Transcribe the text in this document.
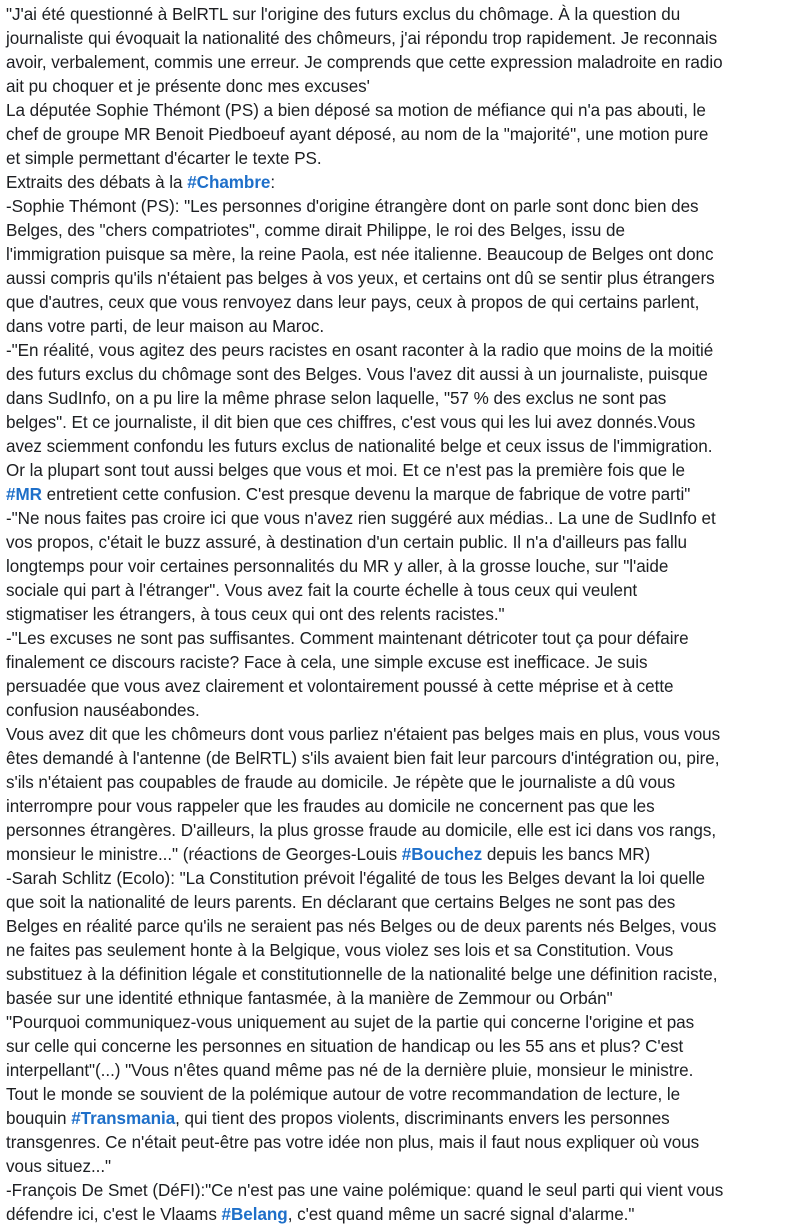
"J'ai été questionné à BelRTL sur l'origine des futurs exclus du chômage. À la question du
journaliste qui évoquait la nationalité des chômeurs, j'ai répondu trop rapidement. Je reconnais
avoir, verbalement, commis une erreur. Je comprends que cette expression maladroite en radio
ait pu choquer et je présente donc mes excuses'
La députée Sophie Thémont (PS) a bien déposé sa motion de méfiance qui n'a pas abouti, le
chef de groupe MR Benoit Piedboeuf ayant déposé, au nom de la "majorité", une motion pure
et simple permettant d'écarter le texte PS.
Extraits des débats à la #Chambre:
-Sophie Thémont (PS): "Les personnes d'origine étrangère dont on parle sont donc bien des
Belges, des "chers compatriotes", comme dirait Philippe, le roi des Belges, issu de
l'immigration puisque sa mère, la reine Paola, est née italienne. Beaucoup de Belges ont donc
aussi compris qu'ils n'étaient pas belges à vos yeux, et certains ont dû se sentir plus étrangers
que d'autres, ceux que vous renvoyez dans leur pays, ceux à propos de qui certains parlent,
dans votre parti, de leur maison au Maroc.
-"En réalité, vous agitez des peurs racistes en osant raconter à la radio que moins de la moitié
des futurs exclus du chômage sont des Belges. Vous l'avez dit aussi à un journaliste, puisque
dans SudInfo, on a pu lire la même phrase selon laquelle, "57 % des exclus ne sont pas
belges". Et ce journaliste, il dit bien que ces chiffres, c'est vous qui les lui avez donnés.Vous
avez sciemment confondu les futurs exclus de nationalité belge et ceux issus de l'immigration.
Or la plupart sont tout aussi belges que vous et moi. Et ce n'est pas la première fois que le
#MR entretient cette confusion. C'est presque devenu la marque de fabrique de votre parti"
-"Ne nous faites pas croire ici que vous n'avez rien suggéré aux médias.. La une de SudInfo et
vos propos, c'était le buzz assuré, à destination d'un certain public. Il n'a d'ailleurs pas fallu
longtemps pour voir certaines personnalités du MR y aller, à la grosse louche, sur "l'aide
sociale qui part à l'étranger". Vous avez fait la courte échelle à tous ceux qui veulent
stigmatiser les étrangers, à tous ceux qui ont des relents racistes."
-"Les excuses ne sont pas suffisantes. Comment maintenant détricoter tout ça pour défaire
finalement ce discours raciste? Face à cela, une simple excuse est inefficace. Je suis
persuadée que vous avez clairement et volontairement poussé à cette méprise et à cette
confusion nauséabondes.
Vous avez dit que les chômeurs dont vous parliez n'étaient pas belges mais en plus, vous vous
êtes demandé à l'antenne (de BelRTL) s'ils avaient bien fait leur parcours d'intégration ou, pire,
s'ils n'étaient pas coupables de fraude au domicile. Je répète que le journaliste a dû vous
interrompre pour vous rappeler que les fraudes au domicile ne concernent pas que les
personnes étrangères. D'ailleurs, la plus grosse fraude au domicile, elle est ici dans vos rangs,
monsieur le ministre..." (réactions de Georges-Louis #Bouchez depuis les bancs MR)
-Sarah Schlitz (Ecolo): "La Constitution prévoit l'égalité de tous les Belges devant la loi quelle
que soit la nationalité de leurs parents. En déclarant que certains Belges ne sont pas des
Belges en réalité parce qu'ils ne seraient pas nés Belges ou de deux parents nés Belges, vous
ne faites pas seulement honte à la Belgique, vous violez ses lois et sa Constitution. Vous
substituez à la définition légale et constitutionnelle de la nationalité belge une définition raciste,
basée sur une identité ethnique fantasmée, à la manière de Zemmour ou Orbán"
"Pourquoi communiquez-vous uniquement au sujet de la partie qui concerne l'origine et pas
sur celle qui concerne les personnes en situation de handicap ou les 55 ans et plus? C'est
interpellant"(...) "Vous n'êtes quand même pas né de la dernière pluie, monsieur le ministre.
Tout le monde se souvient de la polémique autour de votre recommandation de lecture, le
bouquin #Transmania, qui tient des propos violents, discriminants envers les personnes
transgenres. Ce n'était peut-être pas votre idée non plus, mais il faut nous expliquer où vous
vous situez..."
-François De Smet (DéFI):"Ce n'est pas une vaine polémique: quand le seul parti qui vient vous
défendre ici, c'est le Vlaams #Belang, c'est quand même un sacré signal d'alarme."
